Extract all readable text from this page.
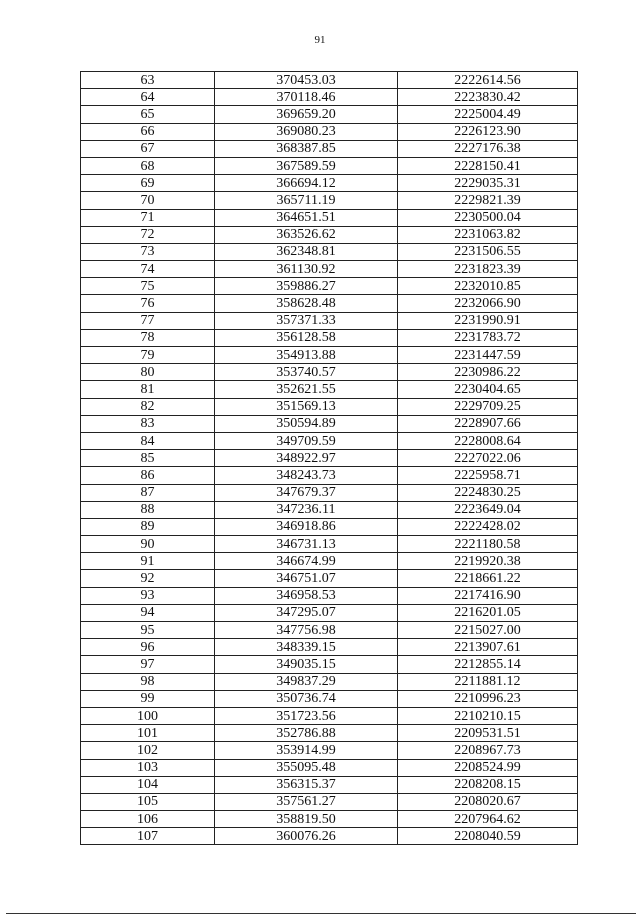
91
63	370453.03	2222614.56
64	370118.46	2223830.42
65	369659.20	2225004.49
66	369080.23	2226123.90
67	368387.85	2227176.38
68	367589.59	2228150.41
69	366694.12	2229035.31
70	365711.19	2229821.39
71	364651.51	2230500.04
72	363526.62	2231063.82
73	362348.81	2231506.55
74	361130.92	2231823.39
75	359886.27	2232010.85
76	358628.48	2232066.90
77	357371.33	2231990.91
78	356128.58	2231783.72
79	354913.88	2231447.59
80	353740.57	2230986.22
81	352621.55	2230404.65
82	351569.13	2229709.25
83	350594.89	2228907.66
84	349709.59	2228008.64
85	348922.97	2227022.06
86	348243.73	2225958.71
87	347679.37	2224830.25
88	347236.11	2223649.04
89	346918.86	2222428.02
90	346731.13	2221180.58
91	346674.99	2219920.38
92	346751.07	2218661.22
93	346958.53	2217416.90
94	347295.07	2216201.05
95	347756.98	2215027.00
96	348339.15	2213907.61
97	349035.15	2212855.14
98	349837.29	2211881.12
99	350736.74	2210996.23
100	351723.56	2210210.15
101	352786.88	2209531.51
102	353914.99	2208967.73
103	355095.48	2208524.99
104	356315.37	2208208.15
105	357561.27	2208020.67
106	358819.50	2207964.62
107	360076.26	2208040.59
